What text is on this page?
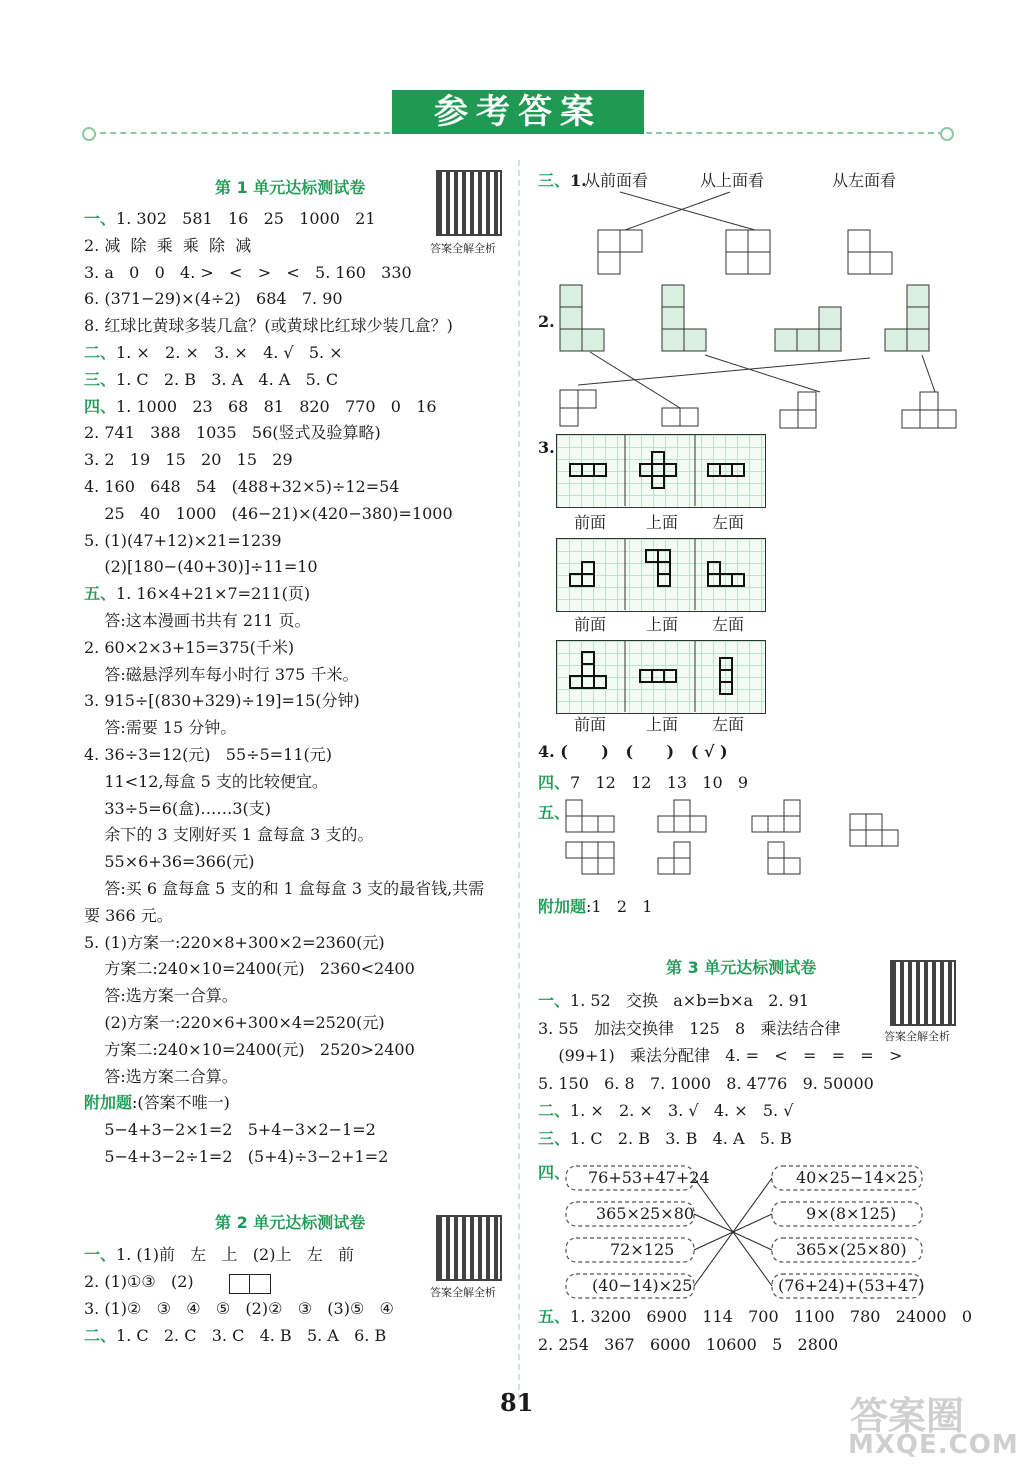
参考答案
第 1 单元达标测试卷
答案全解全析
一、1. 302   581   16   25   1000   21
2. 减  除  乘  乘  除  减
3. a   0   0   4. >   <   >   <   5. 160   330
6. (371−29)×(4÷2)   684   7. 90
8. 红球比黄球多装几盒？(或黄球比红球少装几盒？)
二、1. ×   2. ×   3. ×   4. √   5. ×
三、1. C   2. B   3. A   4. A   5. C
四、1. 1000   23   68   81   820   770   0   16
2. 741   388   1035   56(竖式及验算略)
3. 2   19   15   20   15   29
4. 160   648   54   (488+32×5)÷12=54
25   40   1000   (46−21)×(420−380)=1000
5. (1)(47+12)×21=1239
(2)[180−(40+30)]÷11=10
五、1. 16×4+21×7=211(页)
答:这本漫画书共有 211 页。
2. 60×2×3+15=375(千米)
答:磁悬浮列车每小时行 375 千米。
3. 915÷[(830+329)÷19]=15(分钟)
答:需要 15 分钟。
4. 36÷3=12(元)   55÷5=11(元)
11<12,每盒 5 支的比较便宜。
33÷5=6(盒)……3(支)
余下的 3 支刚好买 1 盒每盒 3 支的。
55×6+36=366(元)
答:买 6 盒每盒 5 支的和 1 盒每盒 3 支的最省钱,共需
要 366 元。
5. (1)方案一:220×8+300×2=2360(元)
方案二:240×10=2400(元)   2360<2400
答:选方案一合算。
(2)方案一:220×6+300×4=2520(元)
方案二:240×10=2400(元)   2520>2400
答:选方案二合算。
附加题:(答案不唯一)
5−4+3−2×1=2   5+4−3×2−1=2
5−4+3−2÷1=2   (5+4)÷3−2+1=2
第 2 单元达标测试卷
答案全解全析
一、1. (1)前   左   上   (2)上   左   前
2. (1)①③   (2)
3. (1)②   ③   ④   ⑤   (2)②   ③   (3)⑤   ④
二、1. C   2. C   3. C   4. B   5. A   6. B
三、1.
从前面看	从上面看	从左面看
2.
3.
前面 上面 左面
前面 上面 左面
前面 上面 左面
4. (      )   (      )   ( √ )
四、7   12   12   13   10   9
五、
附加题:1   2   1
第 3 单元达标测试卷
答案全解全析
一、1. 52   交换   a×b=b×a   2. 91
3. 55   加法交换律   125   8   乘法结合律
(99+1)   乘法分配律   4. =   <   =   =   =   >
5. 150   6. 8   7. 1000   8. 4776   9. 50000
二、1. ×   2. ×   3. √   4. ×   5. √
三、1. C   2. B   3. B   4. A   5. B
四、 76+53+47+24
365×25×80
72×125
(40−14)×25
40×25−14×25
9×(8×125)
365×(25×80)
(76+24)+(53+47)
五、1. 3200   6900   114   700   1100   780   24000   0
2. 254   367   6000   10600   5   2800
81	答案圈
MXQE.COM
